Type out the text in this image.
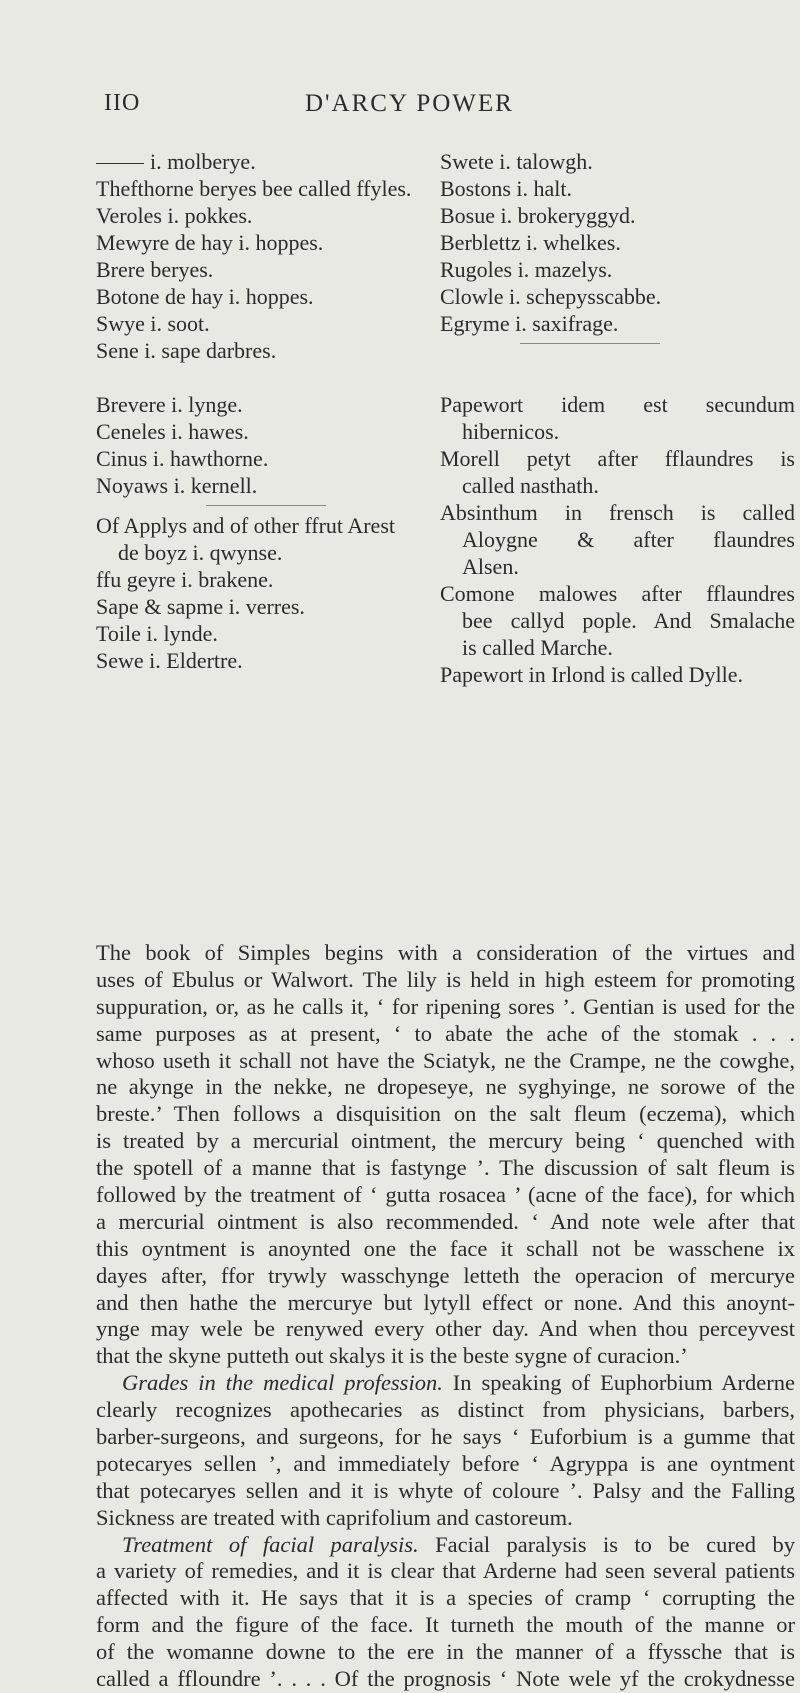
IIO	D'ARCY POWER
i. molberye.
Thefthorne beryes bee called ffyles.
Veroles i. pokkes.
Mewyre de hay i. hoppes.
Brere beryes.
Botone de hay i. hoppes.
Swye i. soot.
Sene i. sape darbres.
Brevere i. lynge.
Ceneles i. hawes.
Cinus i. hawthorne.
Noyaws i. kernell.
Of Applys and of other ffrut Arest
de boyz i. qwynse.
ffu geyre i. brakene.
Sape & sapme i. verres.
Toile i. lynde.
Sewe i. Eldertre.
Swete i. talowgh.
Bostons i. halt.
Bosue i. brokeryggyd.
Berblettz i. whelkes.
Rugoles i. mazelys.
Clowle i. schepysscabbe.
Egryme i. saxifrage.
Papewort idem est secundum
hibernicos.
Morell petyt after fflaundres is
called nasthath.
Absinthum in frensch is called
Aloygne & after flaundres
Alsen.
Comone malowes after fflaundres
bee callyd pople. And Smalache
is called Marche.
Papewort in Irlond is called Dylle.
The book of Simples begins with a consideration of the virtues and
uses of Ebulus or Walwort. The lily is held in high esteem for promoting
suppuration, or, as he calls it, ‘ for ripening sores ’. Gentian is used for the
same purposes as at present, ‘ to abate the ache of the stomak . . .
whoso useth it schall not have the Sciatyk, ne the Crampe, ne the cowghe,
ne akynge in the nekke, ne dropeseye, ne syghyinge, ne sorowe of the
breste.’ Then follows a disquisition on the salt fleum (eczema), which
is treated by a mercurial ointment, the mercury being ‘ quenched with
the spotell of a manne that is fastynge ’. The discussion of salt fleum is
followed by the treatment of ‘ gutta rosacea ’ (acne of the face), for which
a mercurial ointment is also recommended. ‘ And note wele after that
this oyntment is anoynted one the face it schall not be wasschene ix
dayes after, ffor trywly wasschynge letteth the operacion of mercurye
and then hathe the mercurye but lytyll effect or none. And this anoynt-
ynge may wele be renywed every other day. And when thou perceyvest
that the skyne putteth out skalys it is the beste sygne of curacion.’
Grades in the medical profession. In speaking of Euphorbium Arderne
clearly recognizes apothecaries as distinct from physicians, barbers,
barber-surgeons, and surgeons, for he says ‘ Euforbium is a gumme that
potecaryes sellen ’, and immediately before ‘ Agryppa is ane oyntment
that potecaryes sellen and it is whyte of coloure ’. Palsy and the Falling
Sickness are treated with caprifolium and castoreum.
Treatment of facial paralysis. Facial paralysis is to be cured by
a variety of remedies, and it is clear that Arderne had seen several patients
affected with it. He says that it is a species of cramp ‘ corrupting the
form and the figure of the face. It turneth the mouth of the manne or
of the womanne downe to the ere in the manner of a ffyssche that is
called a ffloundre ’. . . . Of the prognosis ‘ Note wele yf the crokydnesse
